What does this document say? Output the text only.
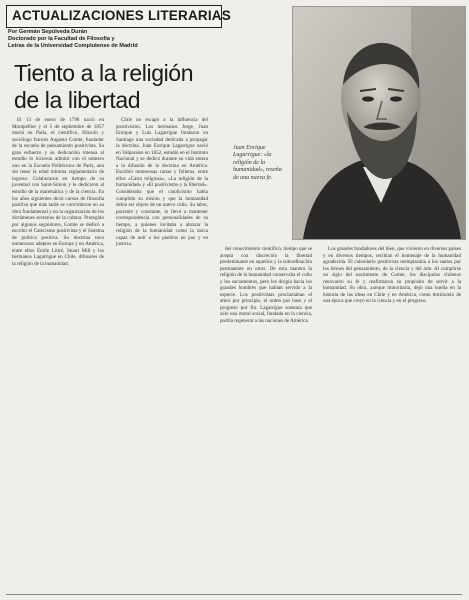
ACTUALIZACIONES LITERARIAS
Por Germán Sepúlveda Durán
Doctorado por la Facultad de Filosofía y
Letras de la Universidad Complutense de Madrid
Tiento a la religión
de la libertad

El 13 de enero de 1798 nació en Montpellier y el 5 de septiembre de 1857 murió en París, el científico, filósofo y sociólogo francés Augusto Comte, fundador de la escuela de pensamiento positivista. Su gran esfuerzo y su dedicación intensa al estudio lo hicieron admitir con el número uno en la Escuela Politécnica de París, aun sin tener la edad mínima reglamentaria de ingreso. Colaboraron en tiempo de su juventud con Saint-Simon y le dedicaron al estudio de la matemática y de la ciencia. En los años siguientes dictó cursos de filosofía positiva que más tarde se convirtieron en su obra fundamental y en la organización de los dictámenes sectarios de la cultura. Protegido por algunos seguidores, Comte se dedicó a escribir el Catecismo positivista y el Sistema de política positiva. Su doctrina tuvo numerosos adeptos en Europa y en América, entre ellos Émile Littré, Stuart Mill y los hermanos Lagarrigue en Chile, difusores de la religión de la humanidad.

Chile no escapó a la influencia del positivismo. Los hermanos Jorge, Juan Enrique y Luis Lagarrigue fundaron en Santiago una sociedad dedicada a propagar la doctrina. Juan Enrique Lagarrigue nació en Valparaíso en 1852, estudió en el Instituto Nacional y se dedicó durante su vida entera a la difusión de la doctrina en América. Escribió numerosas cartas y folletos, entre ellos «Carta religiosa», «La religión de la humanidad» y «El positivismo y la libertad». Consideraba que el catolicismo había cumplido su misión y que la humanidad debía ser objeto de un nuevo culto. Su labor, paciente y constante, lo llevó a mantener correspondencia con personalidades de su tiempo, a quienes invitaba a abrazar la religión de la humanidad como la única capaz de unir a los pueblos en paz y en justicia.

del conocimiento científico, tiempo que se acepta con discreción la libertad predominante en aquellos y la subordinación permanente en otros. De esta manera la religión de la humanidad conservaba el culto y los sacramentos, pero los dirigía hacia los grandes hombres que habían servido a la especie. Los positivistas proclamaban el amor por principio, el orden por base y el progreso por fin. Lagarrigue sostenía que sólo una moral social, fundada en la ciencia, podría regenerar a las naciones de América.

Los grandes fundadores del bien, que vivieron en diversos países y en diversos tiempos, recibían el homenaje de la humanidad agradecida. El calendario positivista reemplazaba a los santos por los héroes del pensamiento, de la ciencia y del arte. Al cumplirse un siglo del nacimiento de Comte, los discípulos chilenos renovaron su fe y reafirmaron su propósito de servir a la humanidad. Su obra, aunque minoritaria, dejó una huella en la historia de las ideas en Chile y en América, como testimonio de una época que creyó en la ciencia y en el progreso.

Juan Enrique Lagarrigue: «la religión de la humanidad», reseña de una nueva fe.
